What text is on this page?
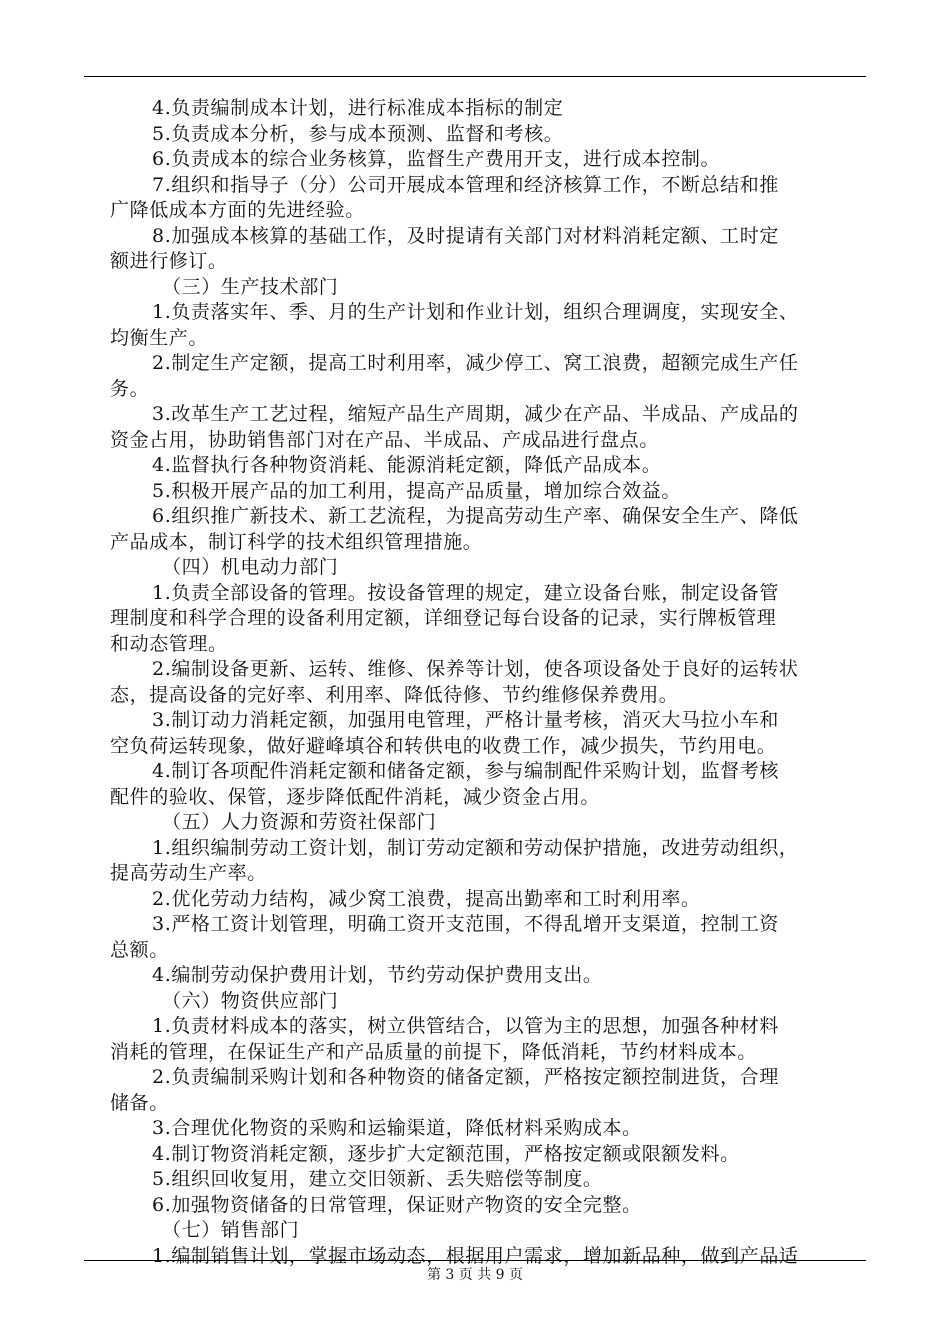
4.负责编制成本计划，进行标准成本指标的制定
5.负责成本分析，参与成本预测、监督和考核。
6.负责成本的综合业务核算，监督生产费用开支，进行成本控制。
7.组织和指导子（分）公司开展成本管理和经济核算工作，不断总结和推
广降低成本方面的先进经验。
8.加强成本核算的基础工作，及时提请有关部门对材料消耗定额、工时定
额进行修订。
（三）生产技术部门
1.负责落实年、季、月的生产计划和作业计划，组织合理调度，实现安全、
均衡生产。
2.制定生产定额，提高工时利用率，减少停工、窝工浪费，超额完成生产任
务。
3.改革生产工艺过程，缩短产品生产周期，减少在产品、半成品、产成品的
资金占用，协助销售部门对在产品、半成品、产成品进行盘点。
4.监督执行各种物资消耗、能源消耗定额，降低产品成本。
5.积极开展产品的加工利用，提高产品质量，增加综合效益。
6.组织推广新技术、新工艺流程，为提高劳动生产率、确保安全生产、降低
产品成本，制订科学的技术组织管理措施。
（四）机电动力部门
1.负责全部设备的管理。按设备管理的规定，建立设备台账，制定设备管
理制度和科学合理的设备利用定额，详细登记每台设备的记录，实行牌板管理
和动态管理。
2.编制设备更新、运转、维修、保养等计划，使各项设备处于良好的运转状
态，提高设备的完好率、利用率、降低待修、节约维修保养费用。
3.制订动力消耗定额，加强用电管理，严格计量考核，消灭大马拉小车和
空负荷运转现象，做好避峰填谷和转供电的收费工作，减少损失，节约用电。
4.制订各项配件消耗定额和储备定额，参与编制配件采购计划，监督考核
配件的验收、保管，逐步降低配件消耗，减少资金占用。
（五）人力资源和劳资社保部门
1.组织编制劳动工资计划，制订劳动定额和劳动保护措施，改进劳动组织，
提高劳动生产率。
2.优化劳动力结构，减少窝工浪费，提高出勤率和工时利用率。
3.严格工资计划管理，明确工资开支范围，不得乱增开支渠道，控制工资
总额。
4.编制劳动保护费用计划，节约劳动保护费用支出。
（六）物资供应部门
1.负责材料成本的落实，树立供管结合，以管为主的思想，加强各种材料
消耗的管理，在保证生产和产品质量的前提下，降低消耗，节约材料成本。
2.负责编制采购计划和各种物资的储备定额，严格按定额控制进货，合理
储备。
3.合理优化物资的采购和运输渠道，降低材料采购成本。
4.制订物资消耗定额，逐步扩大定额范围，严格按定额或限额发料。
5.组织回收复用，建立交旧领新、丢失赔偿等制度。
6.加强物资储备的日常管理，保证财产物资的安全完整。
（七）销售部门
1.编制销售计划，掌握市场动态，根据用户需求，增加新品种，做到产品适
第 3 页 共 9 页
